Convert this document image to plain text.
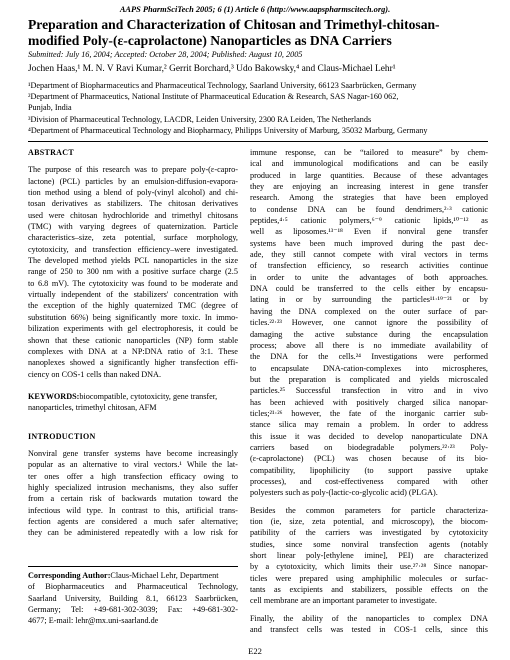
AAPS PharmSciTech 2005; 6 (1) Article 6 (http://www.aapspharmscitech.org).
Preparation and Characterization of Chitosan and Trimethyl-chitosan-
modified Poly-(ε-caprolactone) Nanoparticles as DNA Carriers
Submitted: July 16, 2004; Accepted: October 28, 2004; Published: August 10, 2005
Jochen Haas,¹ M. N. V Ravi Kumar,² Gerrit Borchard,³ Udo Bakowsky,⁴ and Claus-Michael Lehr¹
¹Department of Biopharmaceutics and Pharmaceutical Technology, Saarland University, 66123 Saarbrücken, Germany
²Department of Pharmaceutics, National Institute of Pharmaceutical Education & Research, SAS Nagar-160 062,
Punjab, India
³Division of Pharmaceutical Technology, LACDR, Leiden University, 2300 RA Leiden, The Netherlands
⁴Department of Pharmaceutical Technology and Biopharmacy, Philipps University of Marburg, 35032 Marburg, Germany
ABSTRACT
The purpose of this research was to prepare poly-(ε-capro-
lactone) (PCL) particles by an emulsion-diffusion-evapora-
tion method using a blend of poly-(vinyl alcohol) and chi-
tosan derivatives as stabilizers. The chitosan derivatives
used were chitosan hydrochloride and trimethyl chitosans
(TMC) with varying degrees of quaternization. Particle
characteristics–size, zeta potential, surface morphology,
cytotoxicity, and transfection efficiency–were investigated.
The developed method yields PCL nanoparticles in the size
range of 250 to 300 nm with a positive surface charge (2.5
to 6.8 mV). The cytotoxicity was found to be moderate and
virtually independent of the stabilizers' concentration with
the exception of the highly quaternized TMC (degree of
substitution 66%) being significantly more toxic. In immo-
bilization experiments with gel electrophoresis, it could be
shown that these cationic nanoparticles (NP) form stable
complexes with DNA at a NP:DNA ratio of 3:1. These
nanoplexes showed a significantly higher transfection effi-
ciency on COS-1 cells than naked DNA.
KEYWORDS: biocompatible, cytotoxicity, gene transfer,
nanoparticles, trimethyl chitosan, AFM
INTRODUCTION
Nonviral gene transfer systems have become increasingly
popular as an alternative to viral vectors.¹ While the lat-
ter ones offer a high transfection efficacy owing to
highly specialized intrusion mechanisms, they also suffer
from a certain risk of backwards mutation toward the
infectious wild type. In contrast to this, artificial trans-
fection agents are considered a much safer alternative;
they can be administered repeatedly with a low risk for
Corresponding Author: Claus-Michael Lehr, Department
of Biopharmaceutics and Pharmaceutical Technology,
Saarland University, Building 8.1, 66123 Saarbrücken,
Germany; Tel: +49-681-302-3039; Fax: +49-681-302-
4677; E-mail: lehr@mx.uni-saarland.de
immune response, can be “tailored to measure” by chem-
ical and immunological modifications and can be easily
produced in large quantities. Because of these advantages
they are enjoying an increasing interest in gene transfer
research. Among the strategies that have been employed
to condense DNA can be found dendrimers,²·³ cationic
peptides,⁴·⁵ cationic polymers,⁶⁻⁹ cationic lipids,¹⁰⁻¹² as
well as liposomes.¹³⁻¹⁸ Even if nonviral gene transfer
systems have been much improved during the past dec-
ade, they still cannot compete with viral vectors in terms
of transfection efficiency, so research activities continue
in order to unite the advantages of both approaches.
DNA could be transferred to the cells either by encapsu-
lating in or by surrounding the particles¹¹·¹⁹⁻²¹ or by
having the DNA complexed on the outer surface of par-
ticles.²²·²³ However, one cannot ignore the possibility of
damaging the active substance during the encapsulation
process; above all there is no immediate availability of
the DNA for the cells.²⁴ Investigations were performed
to encapsulate DNA-cation-complexes into microspheres,
but the preparation is complicated and yields microscaled
particles.²⁵ Successful transfection in vitro and in vivo
has been achieved with positively charged silica nanopar-
ticles;²¹·²⁶ however, the fate of the inorganic carrier sub-
stance silica may remain a problem. In order to address
this issue it was decided to develop nanoparticulate DNA
carriers based on biodegradable polymers.²²·²³ Poly-
(ε-caprolactone) (PCL) was chosen because of its bio-
compatibility, lipophilicity (to support passive uptake
processes), and cost-effectiveness compared with other
polyesters such as poly-(lactic-co-glycolic acid) (PLGA).
Besides the common parameters for particle characteriza-
tion (ie, size, zeta potential, and microscopy), the biocom-
patibility of the carriers was investigated by cytotoxicity
studies, since some nonviral transfection agents (notably
short linear poly-[ethylene imine], PEI) are characterized
by a cytotoxicity, which limits their use.²⁷·²⁸ Since nanopar-
ticles were prepared using amphiphilic molecules or surfac-
tants as excipients and stabilizers, possible effects on the
cell membrane are an important parameter to investigate.
Finally, the ability of the nanoparticles to complex DNA
and transfect cells was tested in COS-1 cells, since this
E22
